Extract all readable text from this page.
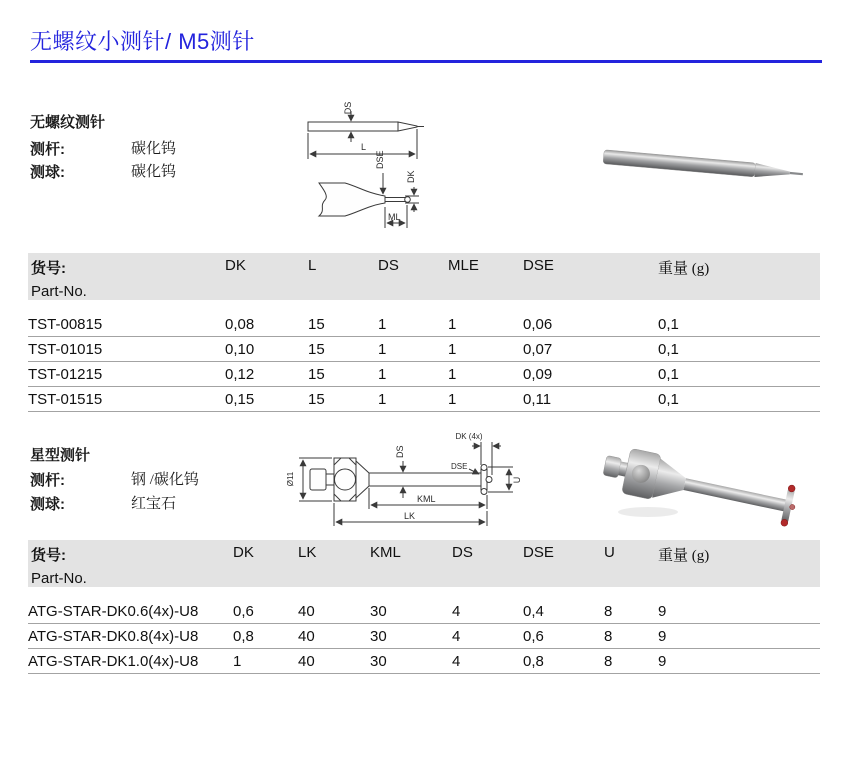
无螺纹小测针/ M5测针
无螺纹测针
测杆:	碳化钨
测球:	碳化钨
DS
L
DSE
DK
ML
货号:
Part-No.	DK	L	DS	MLE	DSE	重量 (g)

TST-00815	0,08	15	1	1	0,06	0,1
TST-01015	0,10	15	1	1	0,07	0,1
TST-01215	0,12	15	1	1	0,09	0,1
TST-01515	0,15	15	1	1	0,11	0,1
星型测针
测杆:	钢 /碳化钨
测球:	红宝石
Ø11
DS
DK (4x)
DSE
U
KML
LK
货号:
Part-No.	DK	LK	KML	DS	DSE	U	重量 (g)

ATG-STAR-DK0.6(4x)-U8	0,6	40	30	4	0,4	8	9
ATG-STAR-DK0.8(4x)-U8	0,8	40	30	4	0,6	8	9
ATG-STAR-DK1.0(4x)-U8	1	40	30	4	0,8	8	9
